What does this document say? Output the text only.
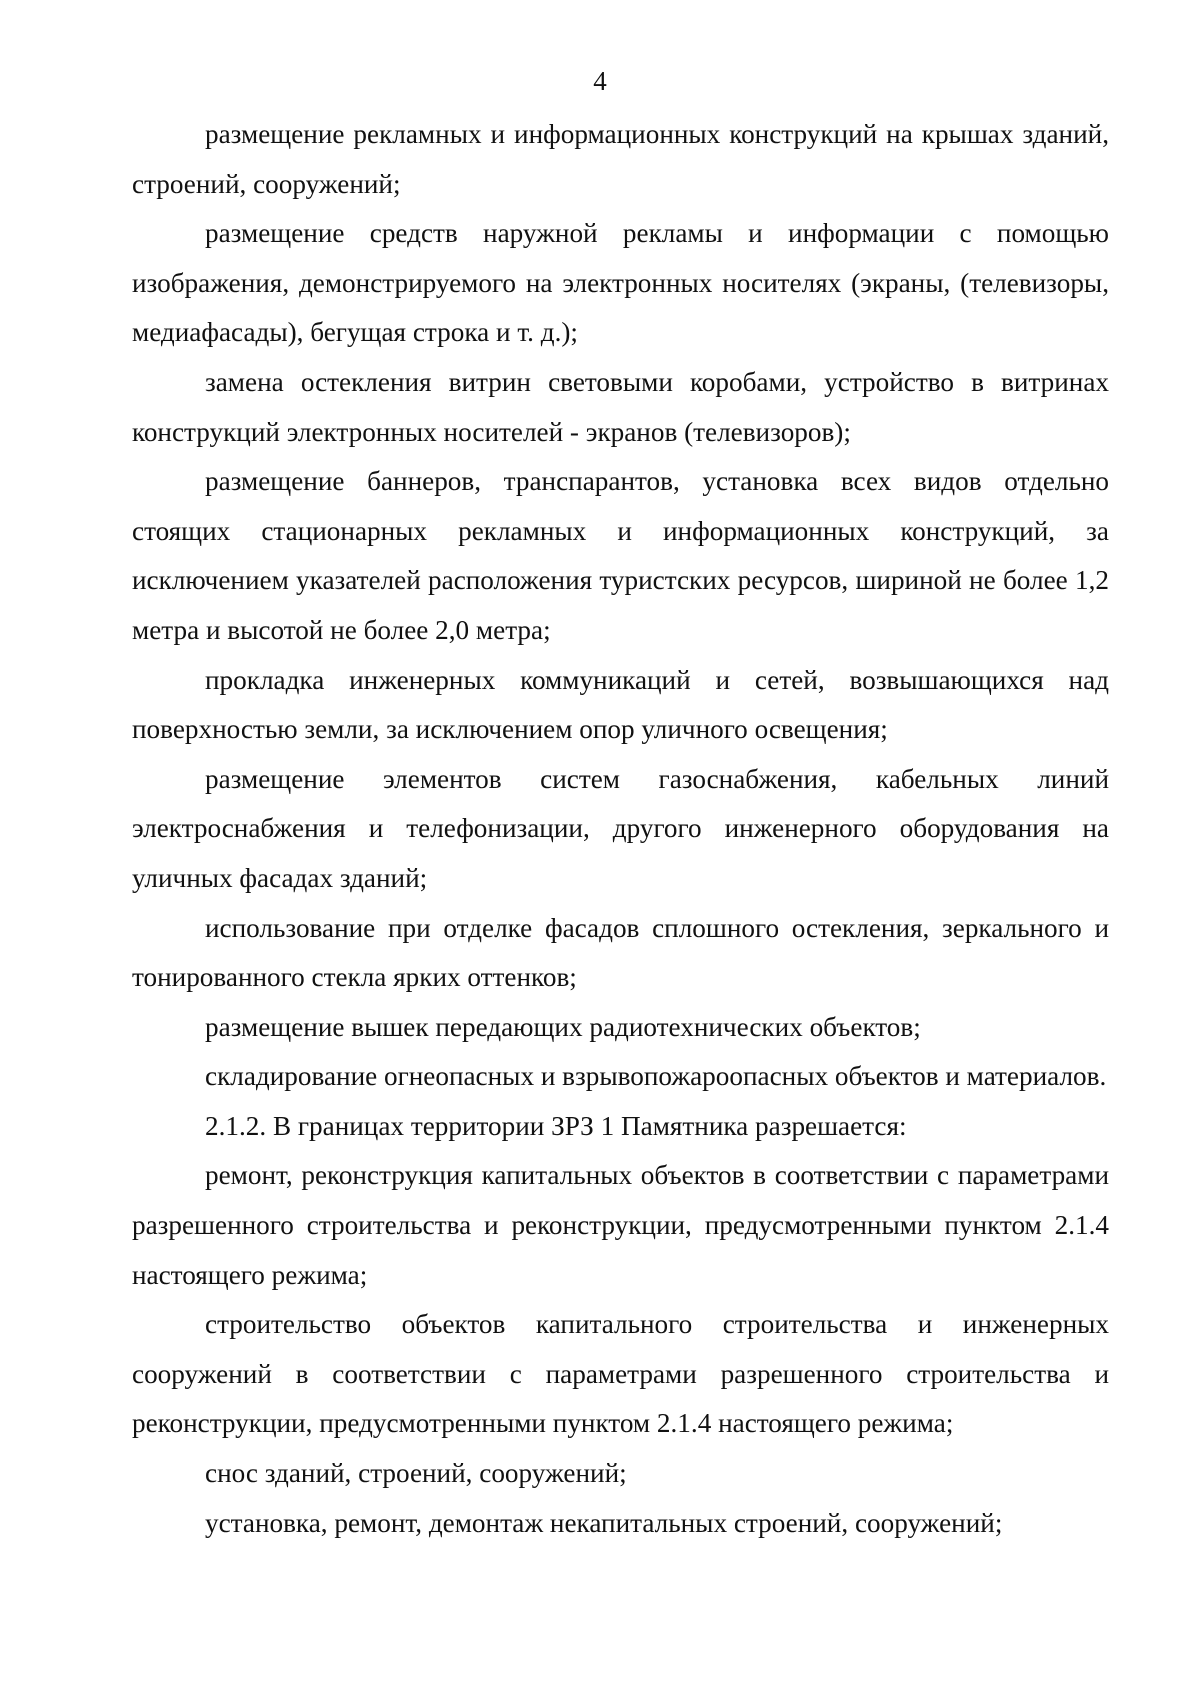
4

размещение рекламных и информационных конструкций на крышах зданий, строений, сооружений;

размещение средств наружной рекламы и информации с помощью изображения, демонстрируемого на электронных носителях (экраны, (телевизоры, медиафасады), бегущая строка и т. д.);

замена остекления витрин световыми коробами, устройство в витринах конструкций электронных носителей - экранов (телевизоров);

размещение баннеров, транспарантов, установка всех видов отдельно стоящих стационарных рекламных и информационных конструкций, за исключением указателей расположения туристских ресурсов, шириной не более 1,2 метра и высотой не более 2,0 метра;

прокладка инженерных коммуникаций и сетей, возвышающихся над поверхностью земли, за исключением опор уличного освещения;

размещение элементов систем газоснабжения, кабельных линий электроснабжения и телефонизации, другого инженерного оборудования на уличных фасадах зданий;

использование при отделке фасадов сплошного остекления, зеркального и тонированного стекла ярких оттенков;

размещение вышек передающих радиотехнических объектов;

складирование огнеопасных и взрывопожароопасных объектов и материалов.

2.1.2. В границах территории ЗРЗ 1 Памятника разрешается:

ремонт, реконструкция капитальных объектов в соответствии с параметрами разрешенного строительства и реконструкции, предусмотренными пунктом 2.1.4 настоящего режима;

строительство объектов капитального строительства и инженерных сооружений в соответствии с параметрами разрешенного строительства и реконструкции, предусмотренными пунктом 2.1.4 настоящего режима;

снос зданий, строений, сооружений;

установка, ремонт, демонтаж некапитальных строений, сооружений;
